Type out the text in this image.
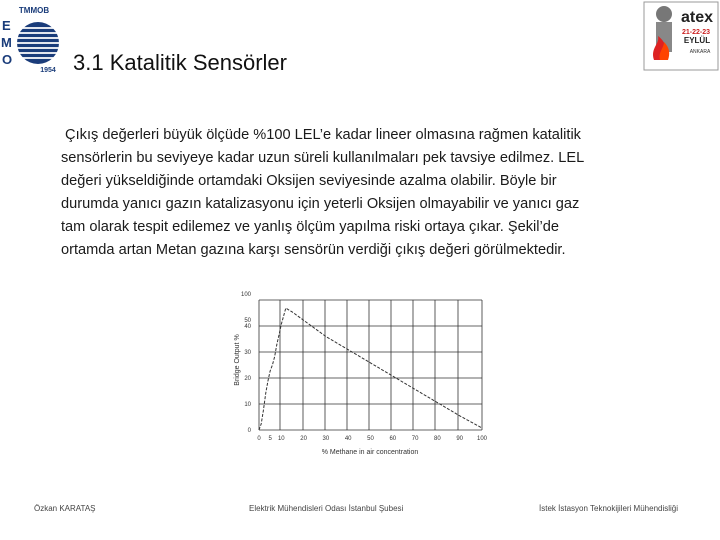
TMMOB
E
M
O
1954
21-22-23
atex
EYLÜL
ANKARA
3.1 Katalitik Sensörler

Çıkış değerleri büyük ölçüde %100 LEL’e kadar lineer olmasına rağmen katalitik
sensörlerin bu seviyeye kadar uzun süreli kullanılmaları pek tavsiye edilmez. LEL
değeri yükseldiğinde ortamdaki Oksijen seviyesinde azalma olabilir. Böyle bir
durumda yanıcı gazın katalizasyonu için yeterli Oksijen olmayabilir ve yanıcı gaz
tam olarak tespit edilemez ve yanlış ölçüm yapılma riski ortaya çıkar. Şekil’de
ortamda artan Metan gazına karşı sensörün verdiği çıkış değeri görülmektedir.

0
10
20
30
40
50
100
0 5 10	20	30	40	50	60	70	80	90 100
Bridge Output %
% Methane in air concentration
Özkan KARATAŞ	Elektrik Mühendisleri Odası İstanbul Şubesi	İstek İstasyon Teknokijileri Mühendisliği
